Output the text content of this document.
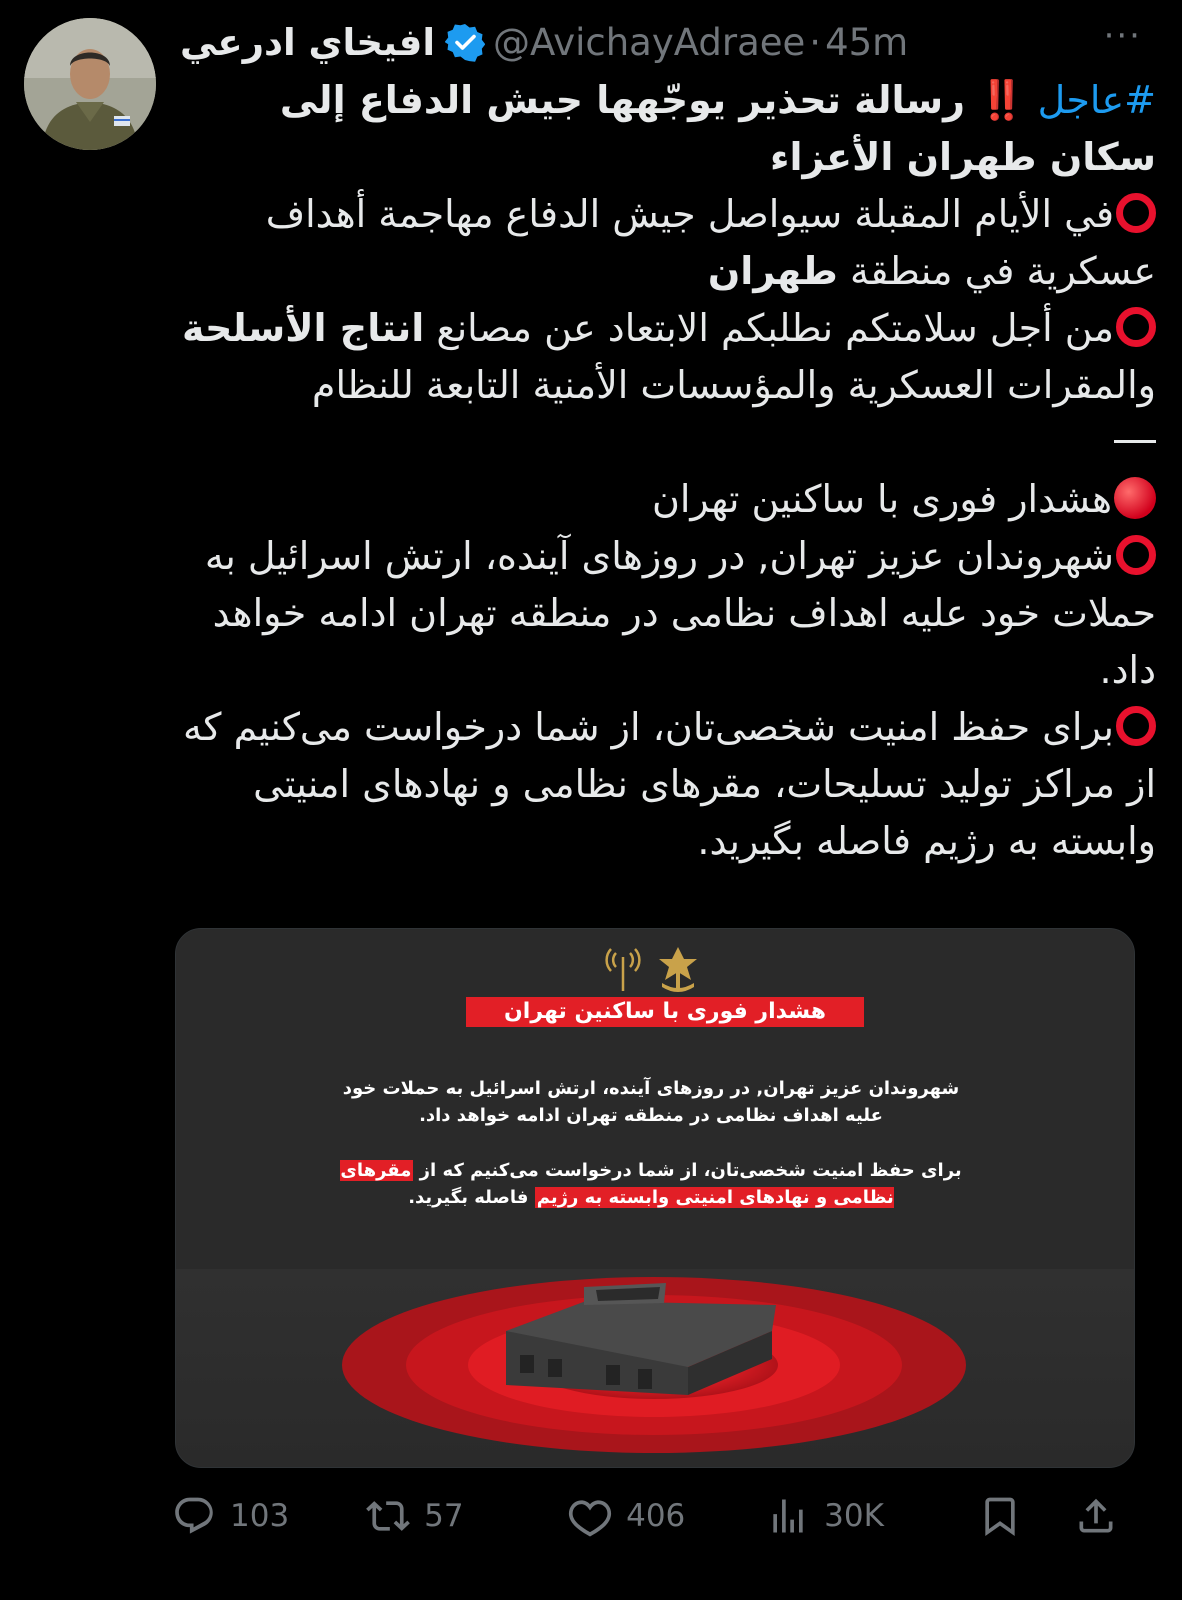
افيخاي ادرعي @AvichayAdraee · 45m	···

#عاجل ‼️ رسالة تحذير يوجّهها جيش الدفاع إلى

سكان طهران الأعزاء

في الأيام المقبلة سيواصل جيش الدفاع مهاجمة أهداف عسكرية في منطقة طهران

من أجل سلامتكم نطلبكم الابتعاد عن مصانع انتاج الأسلحة والمقرات العسكرية والمؤسسات الأمنية التابعة للنظام

هشدار فوری با ساکنین تهران

شهروندان عزیز تهران, در روزهای آینده، ارتش اسرائیل به حملات خود علیه اهداف نظامی در منطقه تهران ادامه خواهد داد.

برای حفظ امنیت شخصی‌تان، از شما درخواست می‌کنیم که از مراکز تولید تسلیحات، مقرهای نظامی و نهادهای امنیتی وابسته به رژیم فاصله بگیرید.

هشدار فوری با ساکنین تهران

شهروندان عزیز تهران, در روزهای آینده، ارتش اسرائیل به حملات خود علیه اهداف نظامی در منطقه تهران ادامه خواهد داد.

برای حفظ امنیت شخصی‌تان، از شما درخواست می‌کنیم که از مقرهای نظامی و نهادهای امنیتی وابسته به رژیم فاصله بگیرید.

103	57	406	30K
